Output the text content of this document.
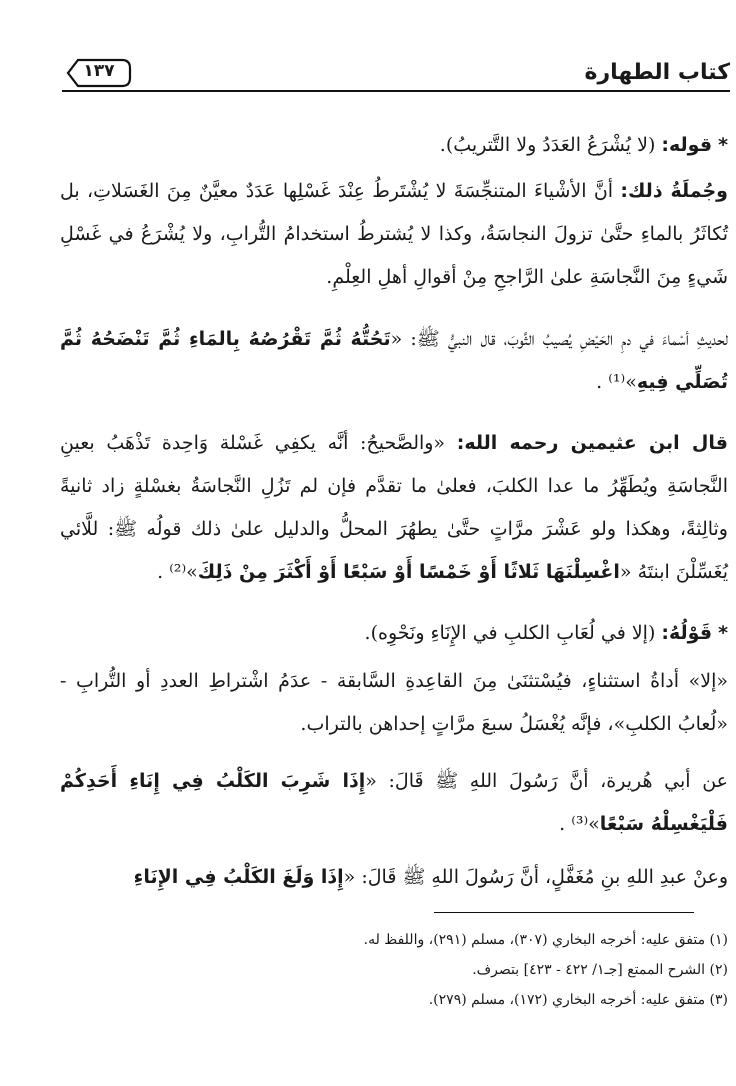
كتاب الطهارة
١٣٧

* قوله: (لا يُشْرَعُ العَدَدُ ولا التَّتريبُ).

وجُملَةُ ذلك: أنَّ الأشْياءَ المتنجِّسَةَ لا يُشْتَرطُ عِنْدَ غَسْلِها عَدَدٌ معيَّنٌ مِنَ الغَسَلاتِ، بل تُكاثَرُ بالماءِ حتَّىٰ تزولَ النجاسَةُ، وكذا لا يُشترطُ استخدامُ التُّرابِ، ولا يُشْرَعُ في غَسْلِ شَيءٍ مِنَ النَّجاسَةِ علىٰ الرَّاجحِ مِنْ أقوالِ أهلِ العِلْمِ.

لحديثِ أسْماءَ في دمِ الحَيْضِ يُصيبُ الثَّوبَ، قال النبيُّ ﷺ: «تَحُتُّهُ ثُمَّ تَقْرُصُهُ بِالمَاءِ ثُمَّ تَنْضَحُهُ ثُمَّ تُصَلِّي فِيهِ»⁽¹⁾ .

قال ابن عثيمين رحمه الله: «والصَّحيحُ: أنَّه يكفِي غَسْلة وَاحِدة تَذْهَبُ بعينِ النَّجاسَةِ ويُطَهِّرُ ما عدا الكلبَ، فعلىٰ ما تقدَّم فإن لم تَزُلِ النَّجاسَةُ بغسْلةٍ زاد ثانيةً وثالِثةً، وهكذا ولو عَشْرَ مرَّاتٍ حتَّىٰ يطهُرَ المحلُّ والدليل علىٰ ذلك قولُه ﷺ: للَّائي يُغَسِّلْنَ ابنتَهُ «اغْسِلْنَهَا ثَلاثًا أَوْ خَمْسًا أَوْ سَبْعًا أَوْ أَكْثَرَ مِنْ ذَلِكَ»⁽²⁾ .

* قَوْلُهُ: (إلا في لُعَابِ الكلبِ في الإِنَاءِ ونَحْوِه).

«إلا» أداةُ استثناءٍ، فيُسْتثنَىٰ مِنَ القاعِدةِ السَّابقة - عدَمُ اشْتراطِ العددِ أو التُّرابِ - «لُعابُ الكلبِ»، فإنَّه يُغْسَلُ سبعَ مرَّاتٍ إحداهن بالتراب.

عن أبي هُريرة، أنَّ رَسُولَ اللهِ ﷺ قَالَ: «إِذَا شَرِبَ الكَلْبُ فِي إِنَاءِ أَحَدِكُمْ فَلْيَغْسِلْهُ سَبْعًا»⁽³⁾ .

وعنْ عبدِ اللهِ بنِ مُغَفَّلٍ، أنَّ رَسُولَ اللهِ ﷺ قَالَ: «إِذَا وَلَغَ الكَلْبُ فِي الإِنَاءِ

(١) متفق عليه: أخرجه البخاري (٣٠٧)، مسلم (٢٩١)، واللفظ له.
(٢) الشرح الممتع [جـ١/ ٤٢٢ - ٤٢٣] بتصرف.
(٣) متفق عليه: أخرجه البخاري (١٧٢)، مسلم (٢٧٩).
